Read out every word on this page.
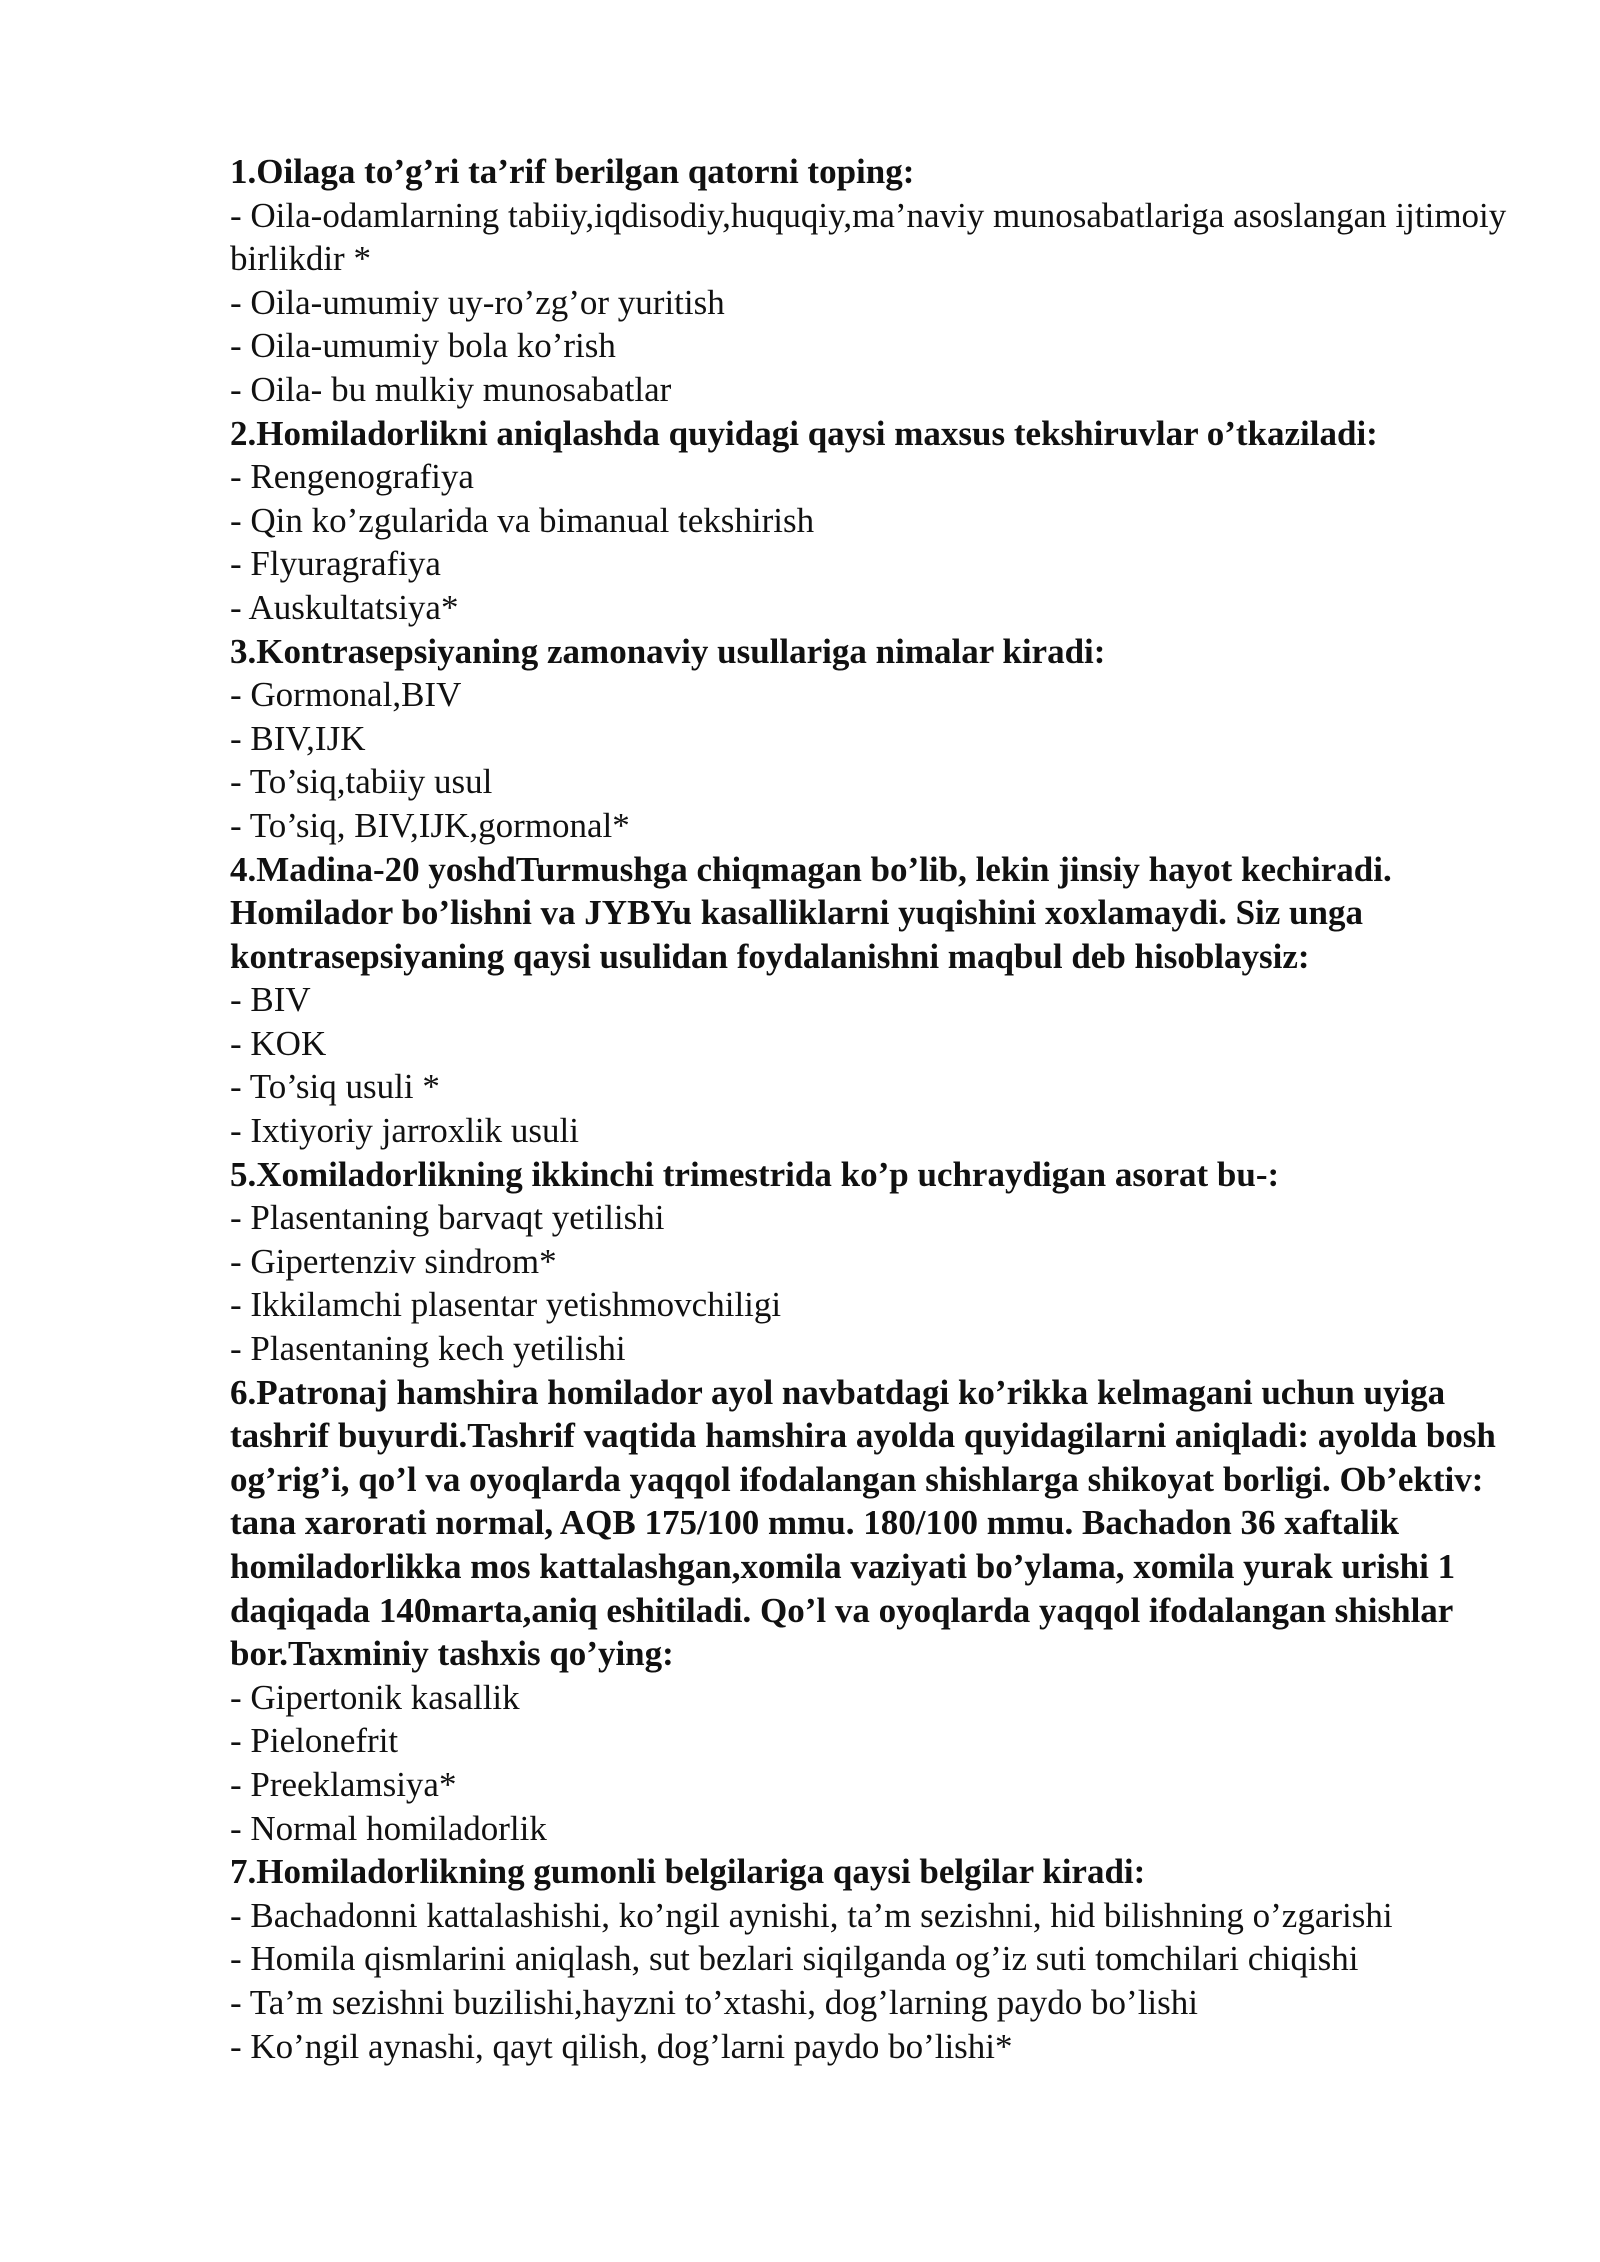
1.Oilaga to’g’ri ta’rif berilgan qatorni toping:

- Oila-odamlarning tabiiy,iqdisodiy,huquqiy,ma’naviy munosabatlariga asoslangan ijtimoiy birlikdir *

- Oila-umumiy uy-ro’zg’or yuritish

- Oila-umumiy bola ko’rish

- Oila- bu mulkiy munosabatlar

2.Homiladorlikni aniqlashda quyidagi qaysi maxsus tekshiruvlar o’tkaziladi:

- Rengenografiya

- Qin ko’zgularida va bimanual tekshirish

- Flyuragrafiya

- Auskultatsiya*

3.Kontrasepsiyaning zamonaviy usullariga nimalar kiradi:

- Gormonal,BIV

- BIV,IJK

- To’siq,tabiiy usul

- To’siq, BIV,IJK,gormonal*

4.Madina-20 yoshdTurmushga chiqmagan bo’lib, lekin jinsiy hayot kechiradi. Homilador bo’lishni va JYBYu kasalliklarni yuqishini xoxlamaydi. Siz unga kontrasepsiyaning qaysi usulidan foydalanishni maqbul deb hisoblaysiz:

- BIV

- KOK

- To’siq usuli *

- Ixtiyoriy jarroxlik usuli

5.Xomiladorlikning ikkinchi trimestrida ko’p uchraydigan asorat bu-:

- Plasentaning barvaqt yetilishi

- Gipertenziv sindrom*

- Ikkilamchi plasentar yetishmovchiligi

- Plasentaning kech yetilishi

6.Patronaj hamshira homilador ayol navbatdagi ko’rikka kelmagani uchun uyiga tashrif buyurdi.Tashrif vaqtida hamshira ayolda quyidagilarni aniqladi: ayolda bosh og’rig’i, qo’l va oyoqlarda yaqqol ifodalangan shishlarga shikoyat borligi. Ob’ektiv: tana xarorati normal, AQB 175/100 mmu. 180/100 mmu. Bachadon 36 xaftalik homiladorlikka mos kattalashgan,xomila vaziyati bo’ylama, xomila yurak urishi 1 daqiqada 140marta,aniq eshitiladi. Qo’l va oyoqlarda yaqqol ifodalangan shishlar bor.Taxminiy tashxis qo’ying:

- Gipertonik kasallik

- Pielonefrit

- Preeklamsiya*

- Normal homiladorlik

7.Homiladorlikning gumonli belgilariga qaysi belgilar kiradi:

- Bachadonni kattalashishi, ko’ngil aynishi, ta’m sezishni, hid bilishning o’zgarishi

- Homila qismlarini aniqlash, sut bezlari siqilganda og’iz suti tomchilari chiqishi

- Ta’m sezishni buzilishi,hayzni to’xtashi, dog’larning paydo bo’lishi

- Ko’ngil aynashi, qayt qilish, dog’larni paydo bo’lishi*
